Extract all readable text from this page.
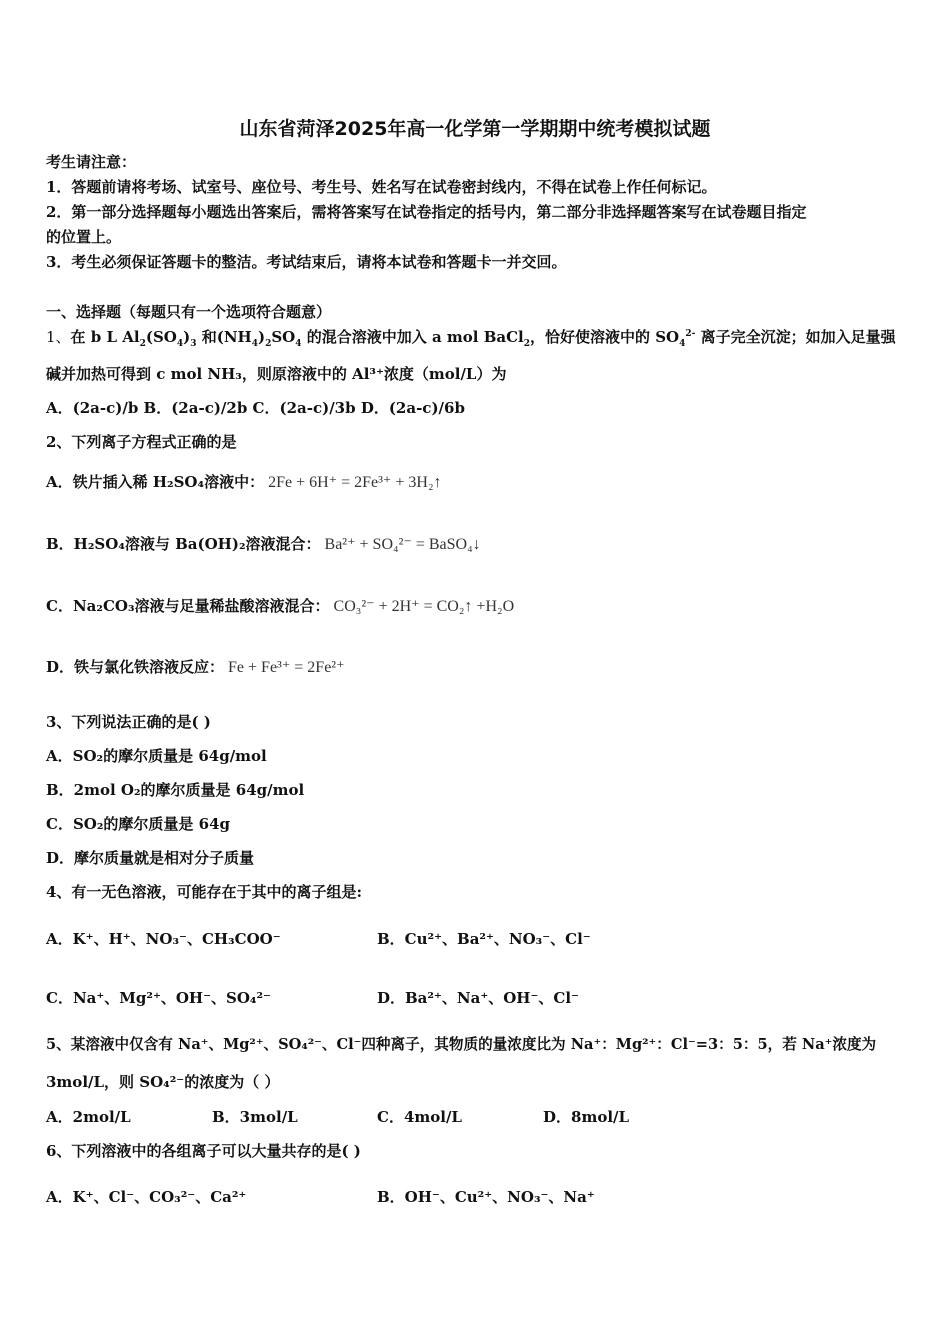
山东省菏泽2025年高一化学第一学期期中统考模拟试题
考生请注意：
1．答题前请将考场、试室号、座位号、考生号、姓名写在试卷密封线内，不得在试卷上作任何标记。
2．第一部分选择题每小题选出答案后，需将答案写在试卷指定的括号内，第二部分非选择题答案写在试卷题目指定
的位置上。
3．考生必须保证答题卡的整洁。考试结束后，请将本试卷和答题卡一并交回。
一、选择题（每题只有一个选项符合题意）
1、在 b L $Al_2(SO_4)_3$ 和$(NH_4)_2SO_4$ 的混合溶液中加入 a mol BaCl$_2$，恰好使溶液中的 $SO_4^{2-}$ 离子完全沉淀；如加入足量强
碱并加热可得到 c mol NH₃，则原溶液中的 Al³⁺浓度（mol/L）为
A．(2a-c)/b B．(2a-c)/2b C．(2a-c)/3b D．(2a-c)/6b
2、下列离子方程式正确的是
A．铁片插入稀 H₂SO₄溶液中： 2Fe + 6H⁺ = 2Fe³⁺ + 3H₂↑
B．H₂SO₄溶液与 Ba(OH)₂溶液混合： Ba²⁺ + SO₄²⁻ = BaSO₄↓
C．Na₂CO₃溶液与足量稀盐酸溶液混合： CO₃²⁻ + 2H⁺ = CO₂↑ +H₂O
D．铁与氯化铁溶液反应： Fe + Fe³⁺ = 2Fe²⁺
3、下列说法正确的是( )
A．SO₂的摩尔质量是 64g/mol
B．2mol O₂的摩尔质量是 64g/mol
C．SO₂的摩尔质量是 64g
D．摩尔质量就是相对分子质量
4、有一无色溶液，可能存在于其中的离子组是:
A．K⁺、H⁺、NO₃⁻、CH₃COO⁻	B．Cu²⁺、Ba²⁺、NO₃⁻、Cl⁻
C．Na⁺、Mg²⁺、OH⁻、SO₄²⁻	D．Ba²⁺、Na⁺、OH⁻、Cl⁻
5、某溶液中仅含有 Na⁺、Mg²⁺、SO₄²⁻、Cl⁻四种离子，其物质的量浓度比为 Na⁺：Mg²⁺：Cl⁻=3：5：5，若 Na⁺浓度为
3mol/L，则 SO₄²⁻的浓度为（ ）
A．2mol/L	B．3mol/L	C．4mol/L	D．8mol/L
6、下列溶液中的各组离子可以大量共存的是( )
A．K⁺、Cl⁻、CO₃²⁻、Ca²⁺	B．OH⁻、Cu²⁺、NO₃⁻、Na⁺
